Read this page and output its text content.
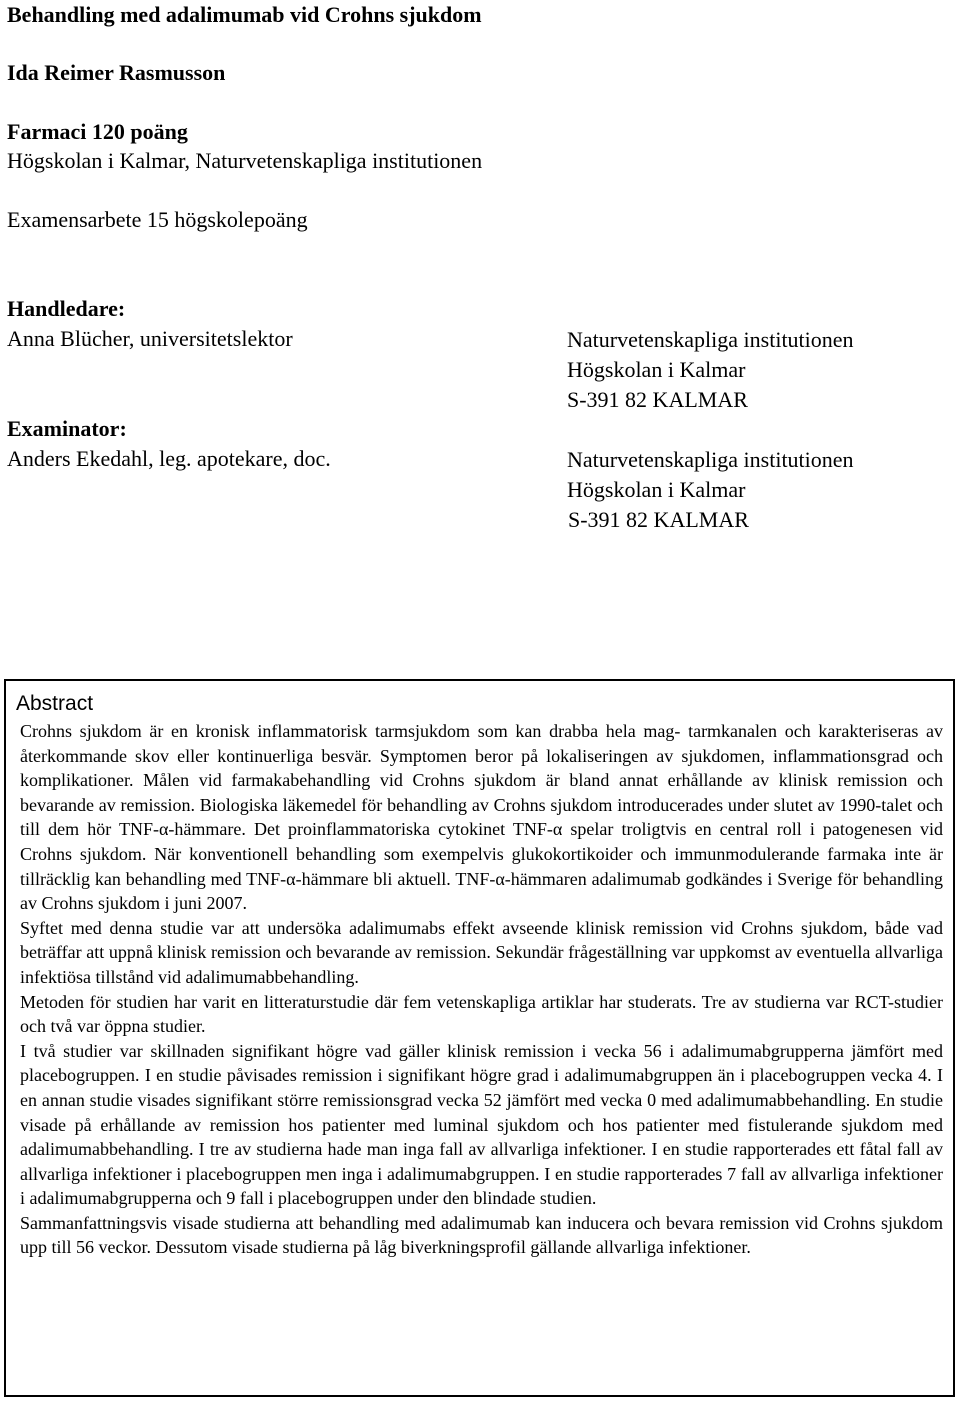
Behandling med adalimumab vid Crohns sjukdom
Ida Reimer Rasmusson
Farmaci 120 poäng
Högskolan i Kalmar, Naturvetenskapliga institutionen
Examensarbete 15 högskolepoäng
Handledare:
Anna Blücher, universitetslektor
Examinator:
Anders Ekedahl, leg. apotekare, doc.
Naturvetenskapliga institutionen
Högskolan i Kalmar
S-391 82 KALMAR
Naturvetenskapliga institutionen
Högskolan i Kalmar
S-391 82 KALMAR
Abstract

Crohns sjukdom är en kronisk inflammatorisk tarmsjukdom som kan drabba hela mag- tarmkanalen och karakteriseras av återkommande skov eller kontinuerliga besvär. Symptomen beror på lokaliseringen av sjukdomen, inflammationsgrad och komplikationer. Målen vid farmakabehandling vid Crohns sjukdom är bland annat erhållande av klinisk remission och bevarande av remission. Biologiska läkemedel för behandling av Crohns sjukdom introducerades under slutet av 1990-talet och till dem hör TNF-α-hämmare. Det proinflammatoriska cytokinet TNF-α spelar troligtvis en central roll i patogenesen vid Crohns sjukdom. När konventionell behandling som exempelvis glukokortikoider och immunmodulerande farmaka inte är tillräcklig kan behandling med TNF-α-hämmare bli aktuell. TNF-α-hämmaren adalimumab godkändes i Sverige för behandling av Crohns sjukdom i juni 2007.

Syftet med denna studie var att undersöka adalimumabs effekt avseende klinisk remission vid Crohns sjukdom, både vad beträffar att uppnå klinisk remission och bevarande av remission. Sekundär frågeställning var uppkomst av eventuella allvarliga infektiösa tillstånd vid adalimumabbehandling.

Metoden för studien har varit en litteraturstudie där fem vetenskapliga artiklar har studerats. Tre av studierna var RCT-studier och två var öppna studier.

I två studier var skillnaden signifikant högre vad gäller klinisk remission i vecka 56 i adalimumabgrupperna jämfört med placebogruppen. I en studie påvisades remission i signifikant högre grad i adalimumabgruppen än i placebogruppen vecka 4. I en annan studie visades signifikant större remissionsgrad vecka 52 jämfört med vecka 0 med adalimumabbehandling. En studie visade på erhållande av remission hos patienter med luminal sjukdom och hos patienter med fistulerande sjukdom med adalimumabbehandling. I tre av studierna hade man inga fall av allvarliga infektioner. I en studie rapporterades ett fåtal fall av allvarliga infektioner i placebogruppen men inga i adalimumabgruppen. I en studie rapporterades 7 fall av allvarliga infektioner i adalimumabgrupperna och 9 fall i placebogruppen under den blindade studien.

Sammanfattningsvis visade studierna att behandling med adalimumab kan inducera och bevara remission vid Crohns sjukdom upp till 56 veckor. Dessutom visade studierna på låg biverkningsprofil gällande allvarliga infektioner.
